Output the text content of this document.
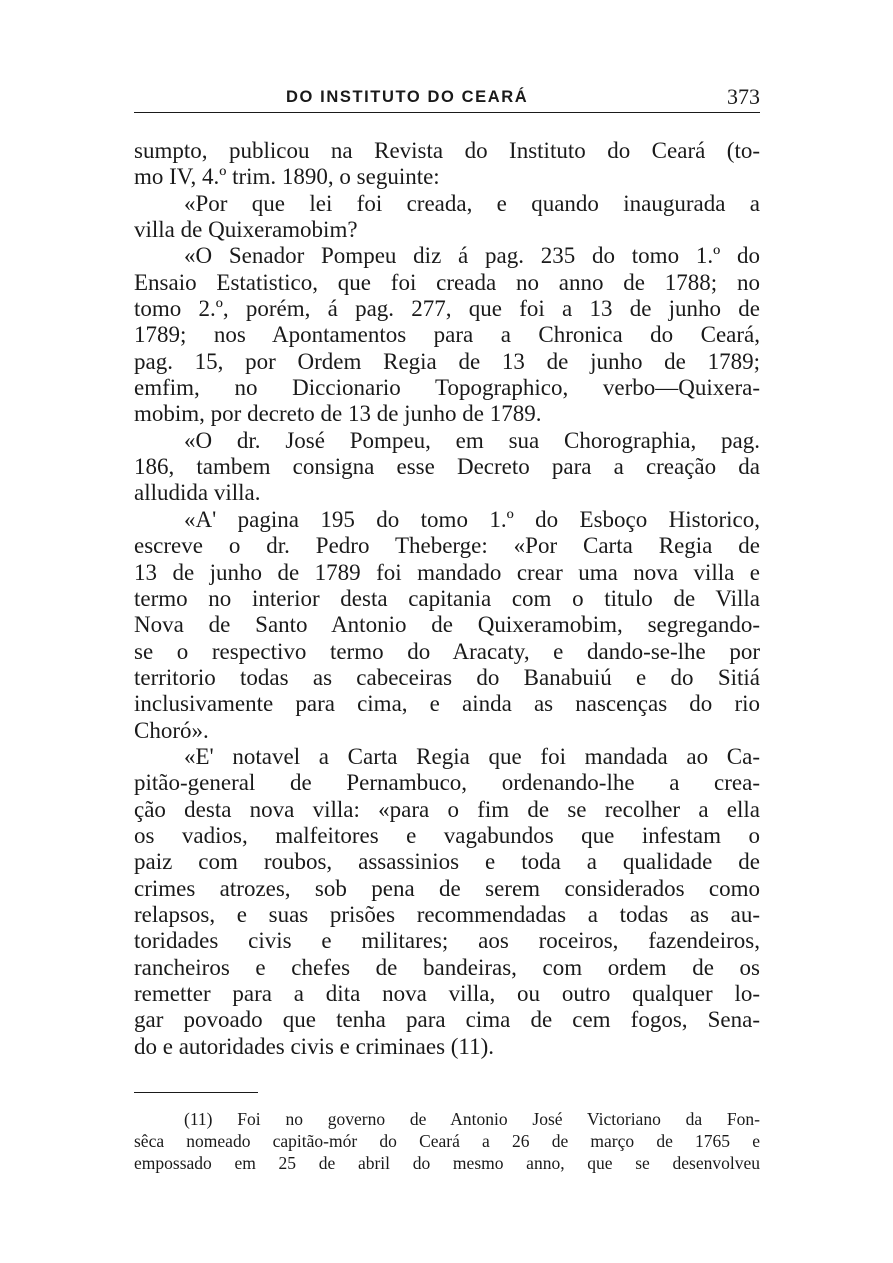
DO INSTITUTO DO CEARÁ	373
sumpto, publicou na Revista do Instituto do Ceará (to-
mo IV, 4.º trim. 1890, o seguinte:
«Por que lei foi creada, e quando inaugurada a
villa de Quixeramobim?
«O Senador Pompeu diz á pag. 235 do tomo 1.º do
Ensaio Estatistico, que foi creada no anno de 1788; no
tomo 2.º, porém, á pag. 277, que foi a 13 de junho de
1789; nos Apontamentos para a Chronica do Ceará,
pag. 15, por Ordem Regia de 13 de junho de 1789;
emfim, no Diccionario Topographico, verbo—Quixera-
mobim, por decreto de 13 de junho de 1789.
«O dr. José Pompeu, em sua Chorographia, pag.
186, tambem consigna esse Decreto para a creação da
alludida villa.
«A' pagina 195 do tomo 1.º do Esboço Historico,
escreve o dr. Pedro Theberge: «Por Carta Regia de
13 de junho de 1789 foi mandado crear uma nova villa e
termo no interior desta capitania com o titulo de Villa
Nova de Santo Antonio de Quixeramobim, segregando-
se o respectivo termo do Aracaty, e dando-se-lhe por
territorio todas as cabeceiras do Banabuiú e do Sitiá
inclusivamente para cima, e ainda as nascenças do rio
Choró».
«E' notavel a Carta Regia que foi mandada ao Ca-
pitão-general de Pernambuco, ordenando-lhe a crea-
ção desta nova villa: «para o fim de se recolher a ella
os vadios, malfeitores e vagabundos que infestam o
paiz com roubos, assassinios e toda a qualidade de
crimes atrozes, sob pena de serem considerados como
relapsos, e suas prisões recommendadas a todas as au-
toridades civis e militares; aos roceiros, fazendeiros,
rancheiros e chefes de bandeiras, com ordem de os
remetter para a dita nova villa, ou outro qualquer lo-
gar povoado que tenha para cima de cem fogos, Sena-
do e autoridades civis e criminaes (11).
(11) Foi no governo de Antonio José Victoriano da Fon-
sêca nomeado capitão-mór do Ceará a 26 de março de 1765 e
empossado em 25 de abril do mesmo anno, que se desenvolveu
